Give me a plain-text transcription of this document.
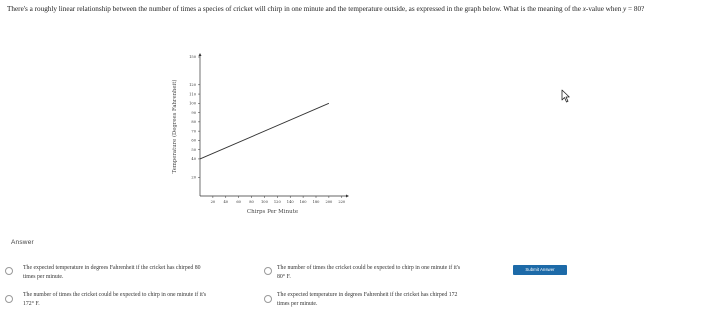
There's a roughly linear relationship between the number of times a species of cricket will chirp in one minute and the temperature outside, as expressed in the graph below. What is the meaning of the x-value when y = 80?
20 40 60 80 100 120 140 160 180 200 220
20
40
50
60
70
80
90
100
110
120
150
Chirps Per Minute
Temperature (Degrees Fahrenheit)
Answer
The expected temperature in degrees Fahrenheit if the cricket has chirped 80
times per minute.
The number of times the cricket could be expected to chirp in one minute if it's
80° F.
The number of times the cricket could be expected to chirp in one minute if it's
172° F.
The expected temperature in degrees Fahrenheit if the cricket has chirped 172
times per minute.
Submit Answer
